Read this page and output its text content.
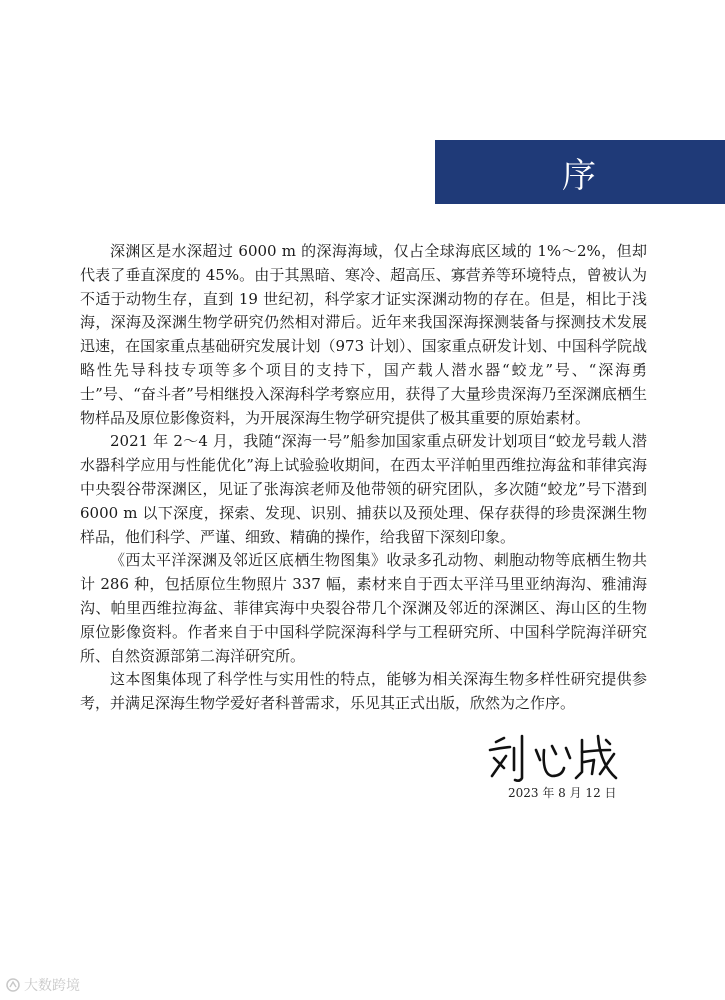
序

深渊区是水深超过 6000 m 的深海海域，仅占全球海底区域的 1%～2%，但却代表了垂直深度的 45%。由于其黑暗、寒冷、超高压、寡营养等环境特点，曾被认为不适于动物生存，直到 19 世纪初，科学家才证实深渊动物的存在。但是，相比于浅海，深海及深渊生物学研究仍然相对滞后。近年来我国深海探测装备与探测技术发展迅速，在国家重点基础研究发展计划（973 计划）、国家重点研发计划、中国科学院战略性先导科技专项等多个项目的支持下，国产载人潜水器“蛟龙”号、“深海勇士”号、“奋斗者”号相继投入深海科学考察应用，获得了大量珍贵深海乃至深渊底栖生物样品及原位影像资料，为开展深海生物学研究提供了极其重要的原始素材。

2021 年 2～4 月，我随“深海一号”船参加国家重点研发计划项目“蛟龙号载人潜水器科学应用与性能优化”海上试验验收期间，在西太平洋帕里西维拉海盆和菲律宾海中央裂谷带深渊区，见证了张海滨老师及他带领的研究团队，多次随“蛟龙”号下潜到 6000 m 以下深度，探索、发现、识别、捕获以及预处理、保存获得的珍贵深渊生物样品，他们科学、严谨、细致、精确的操作，给我留下深刻印象。

《西太平洋深渊及邻近区底栖生物图集》收录多孔动物、刺胞动物等底栖生物共计 286 种，包括原位生物照片 337 幅，素材来自于西太平洋马里亚纳海沟、雅浦海沟、帕里西维拉海盆、菲律宾海中央裂谷带几个深渊及邻近的深渊区、海山区的生物原位影像资料。作者来自于中国科学院深海科学与工程研究所、中国科学院海洋研究所、自然资源部第二海洋研究所。

这本图集体现了科学性与实用性的特点，能够为相关深海生物多样性研究提供参考，并满足深海生物学爱好者科普需求，乐见其正式出版，欣然为之作序。

2023 年 8 月 12 日
大数跨境
